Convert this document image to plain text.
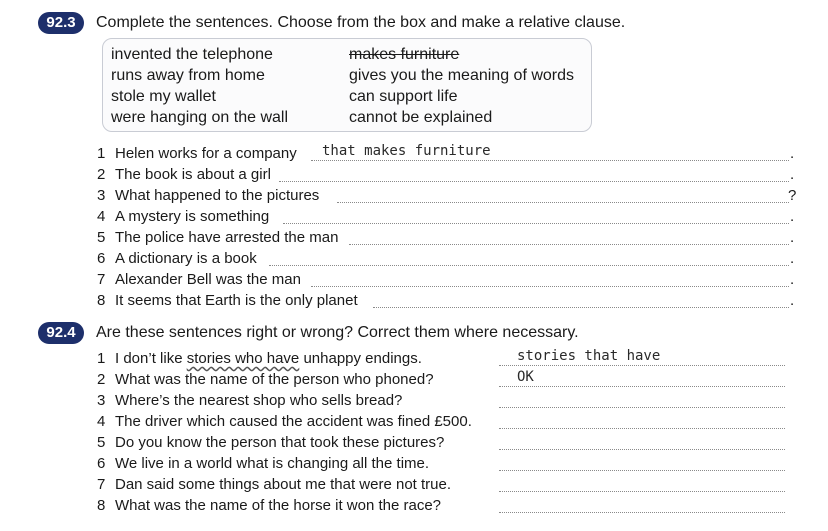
92.3	Complete the sentences. Choose from the box and make a relative clause.
invented the telephone	makes furniture
runs away from home	gives you the meaning of words
stole my wallet	can support life
were hanging on the wall	cannot be explained
1 Helen works for a company that makes furniture	.
2 The book is about a girl	.
3 What happened to the pictures	?
4 A mystery is something	.
5 The police have arrested the man	.
6 A dictionary is a book	.
7 Alexander Bell was the man	.
8 It seems that Earth is the only planet	.
92.4	Are these sentences right or wrong? Correct them where necessary.
1 I don’t like stories who have unhappy endings.	stories that have
2 What was the name of the person who phoned?	OK
3 Where’s the nearest shop who sells bread?
4 The driver which caused the accident was fined £500.
5 Do you know the person that took these pictures?
6 We live in a world what is changing all the time.
7 Dan said some things about me that were not true.
8 What was the name of the horse it won the race?
